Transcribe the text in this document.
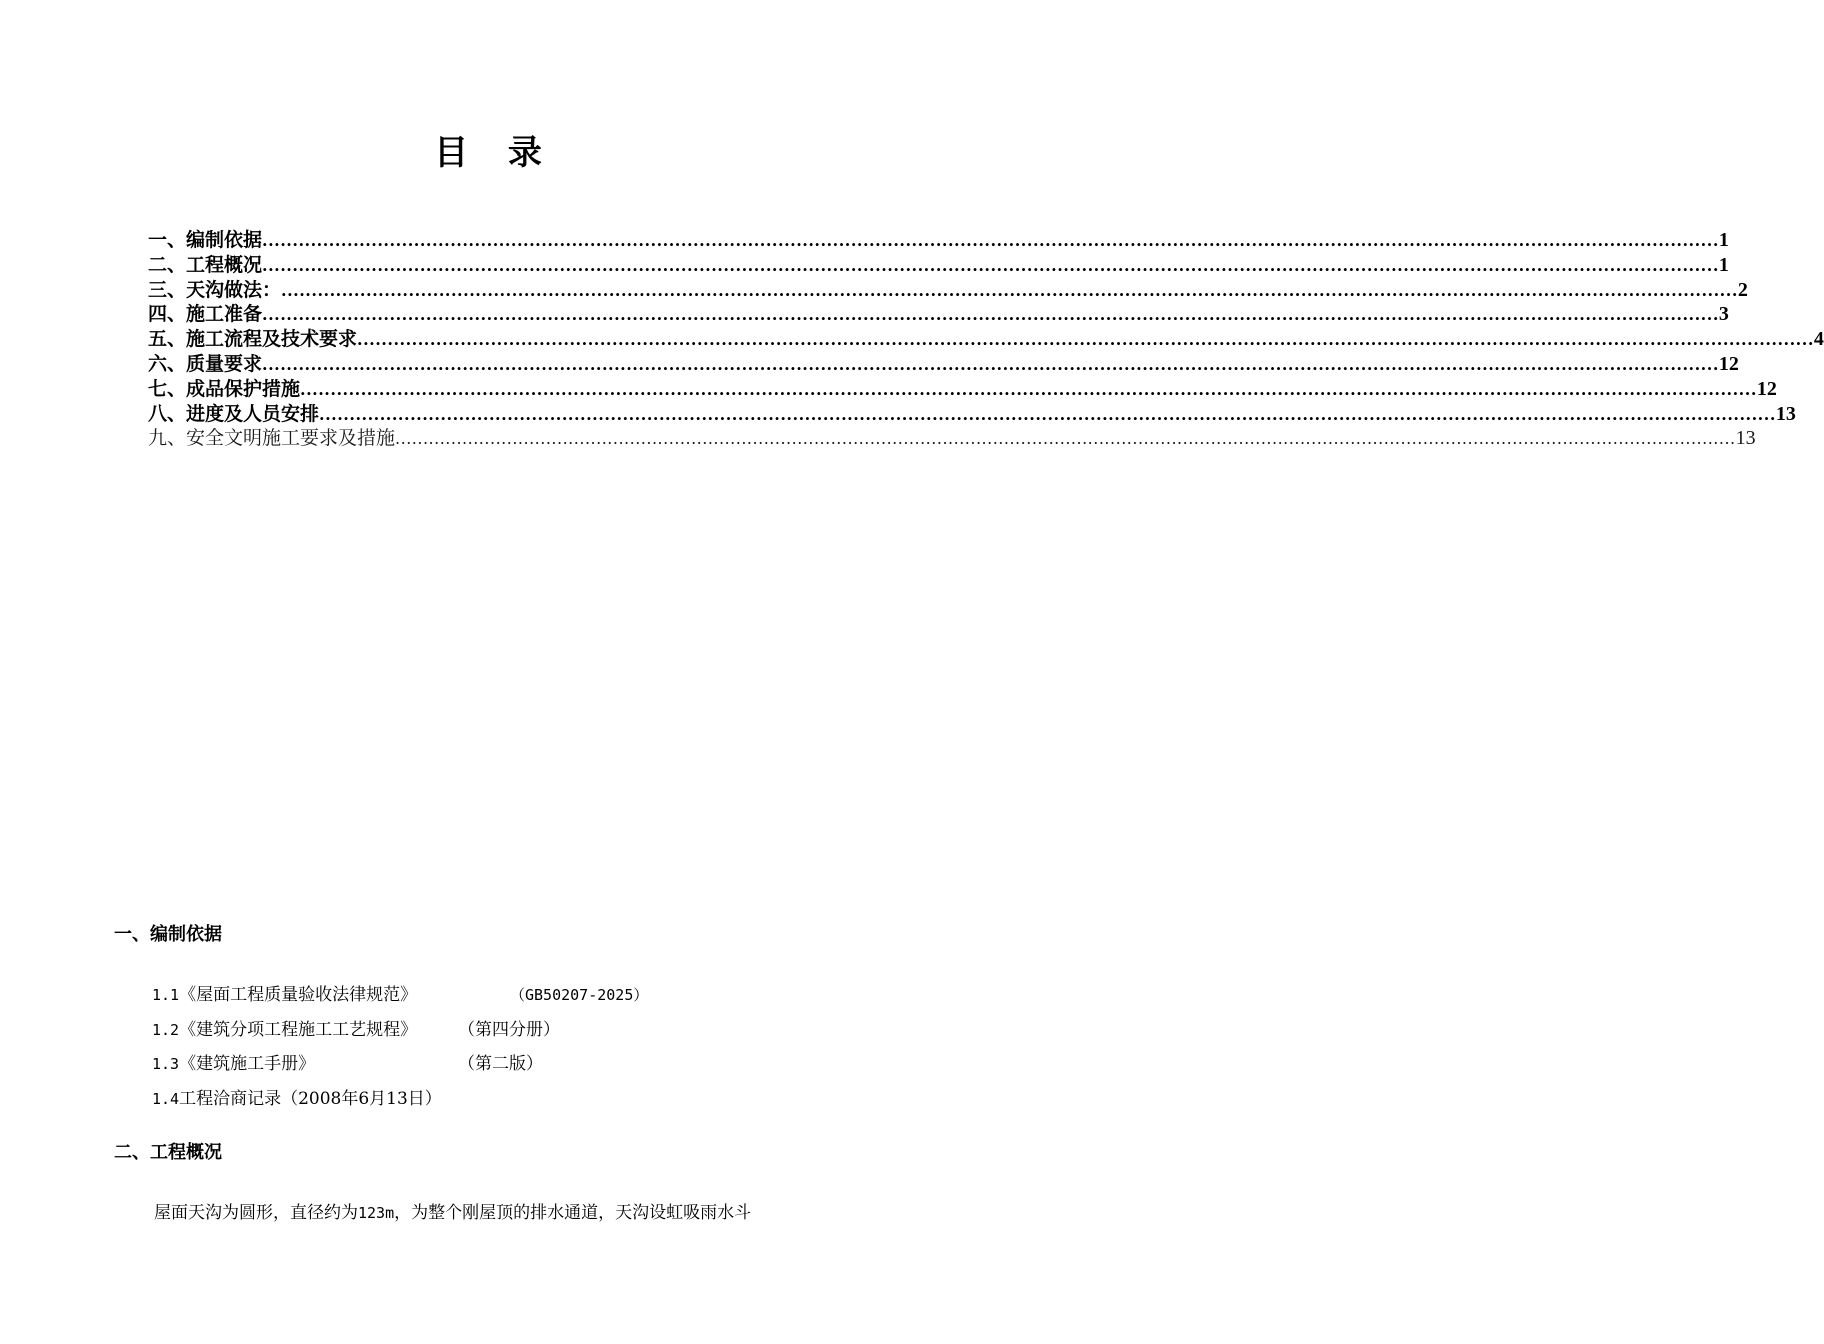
目 录
一、编制依据 ................................................................................................................................................................................................................................................ 1
二、工程概况 ................................................................................................................................................................................................................................................ 1
三、天沟做法： ................................................................................................................................................................................................................................................ 2
四、施工准备 ................................................................................................................................................................................................................................................ 3
五、施工流程及技术要求 ................................................................................................................................................................................................................................................ 4
六、质量要求 ................................................................................................................................................................................................................................................ 12
七、成品保护措施 ................................................................................................................................................................................................................................................ 12
八、进度及人员安排 ................................................................................................................................................................................................................................................ 13
九、安全文明施工要求及措施 ................................................................................................................................................................................................................................................ 13
一、编制依据
1.1《屋面工程质量验收法律规范》	（GB50207-2025）
1.2《建筑分项工程施工工艺规程》 （第四分册）
1.3《建筑施工手册》	（第二版）
1.4工程洽商记录（2008年6月13日）
二、工程概况
屋面天沟为圆形，直径约为123m，为整个刚屋顶的排水通道，天沟设虹吸雨水斗
